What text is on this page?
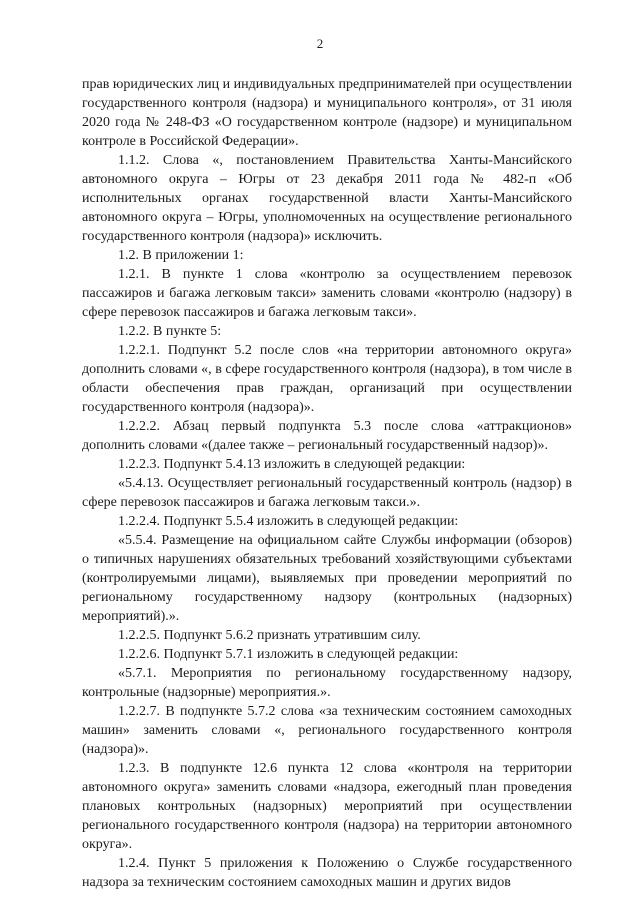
2

прав юридических лиц и индивидуальных предпринимателей при осуществлении государственного контроля (надзора) и муниципального контроля», от 31 июля 2020 года № 248-ФЗ «О государственном контроле (надзоре) и муниципальном контроле в Российской Федерации».

1.1.2. Слова «, постановлением Правительства Ханты-Мансийского автономного округа – Югры от 23 декабря 2011 года № 482-п «Об исполнительных органах государственной власти Ханты-Мансийского автономного округа – Югры, уполномоченных на осуществление регионального государственного контроля (надзора)» исключить.

1.2. В приложении 1:

1.2.1. В пункте 1 слова «контролю за осуществлением перевозок пассажиров и багажа легковым такси» заменить словами «контролю (надзору) в сфере перевозок пассажиров и багажа легковым такси».

1.2.2. В пункте 5:

1.2.2.1. Подпункт 5.2 после слов «на территории автономного округа» дополнить словами «, в сфере государственного контроля (надзора), в том числе в области обеспечения прав граждан, организаций при осуществлении государственного контроля (надзора)».

1.2.2.2. Абзац первый подпункта 5.3 после слова «аттракционов» дополнить словами «(далее также – региональный государственный надзор)».

1.2.2.3. Подпункт 5.4.13 изложить в следующей редакции:

«5.4.13. Осуществляет региональный государственный контроль (надзор) в сфере перевозок пассажиров и багажа легковым такси.».

1.2.2.4. Подпункт 5.5.4 изложить в следующей редакции:

«5.5.4. Размещение на официальном сайте Службы информации (обзоров) о типичных нарушениях обязательных требований хозяйствующими субъектами (контролируемыми лицами), выявляемых при проведении мероприятий по региональному государственному надзору (контрольных (надзорных) мероприятий).».

1.2.2.5. Подпункт 5.6.2 признать утратившим силу.

1.2.2.6. Подпункт 5.7.1 изложить в следующей редакции:

«5.7.1. Мероприятия по региональному государственному надзору, контрольные (надзорные) мероприятия.».

1.2.2.7. В подпункте 5.7.2 слова «за техническим состоянием самоходных машин» заменить словами «, регионального государственного контроля (надзора)».

1.2.3. В подпункте 12.6 пункта 12 слова «контроля на территории автономного округа» заменить словами «надзора, ежегодный план проведения плановых контрольных (надзорных) мероприятий при осуществлении регионального государственного контроля (надзора) на территории автономного округа».

1.2.4. Пункт 5 приложения к Положению о Службе государственного надзора за техническим состоянием самоходных машин и других видов
